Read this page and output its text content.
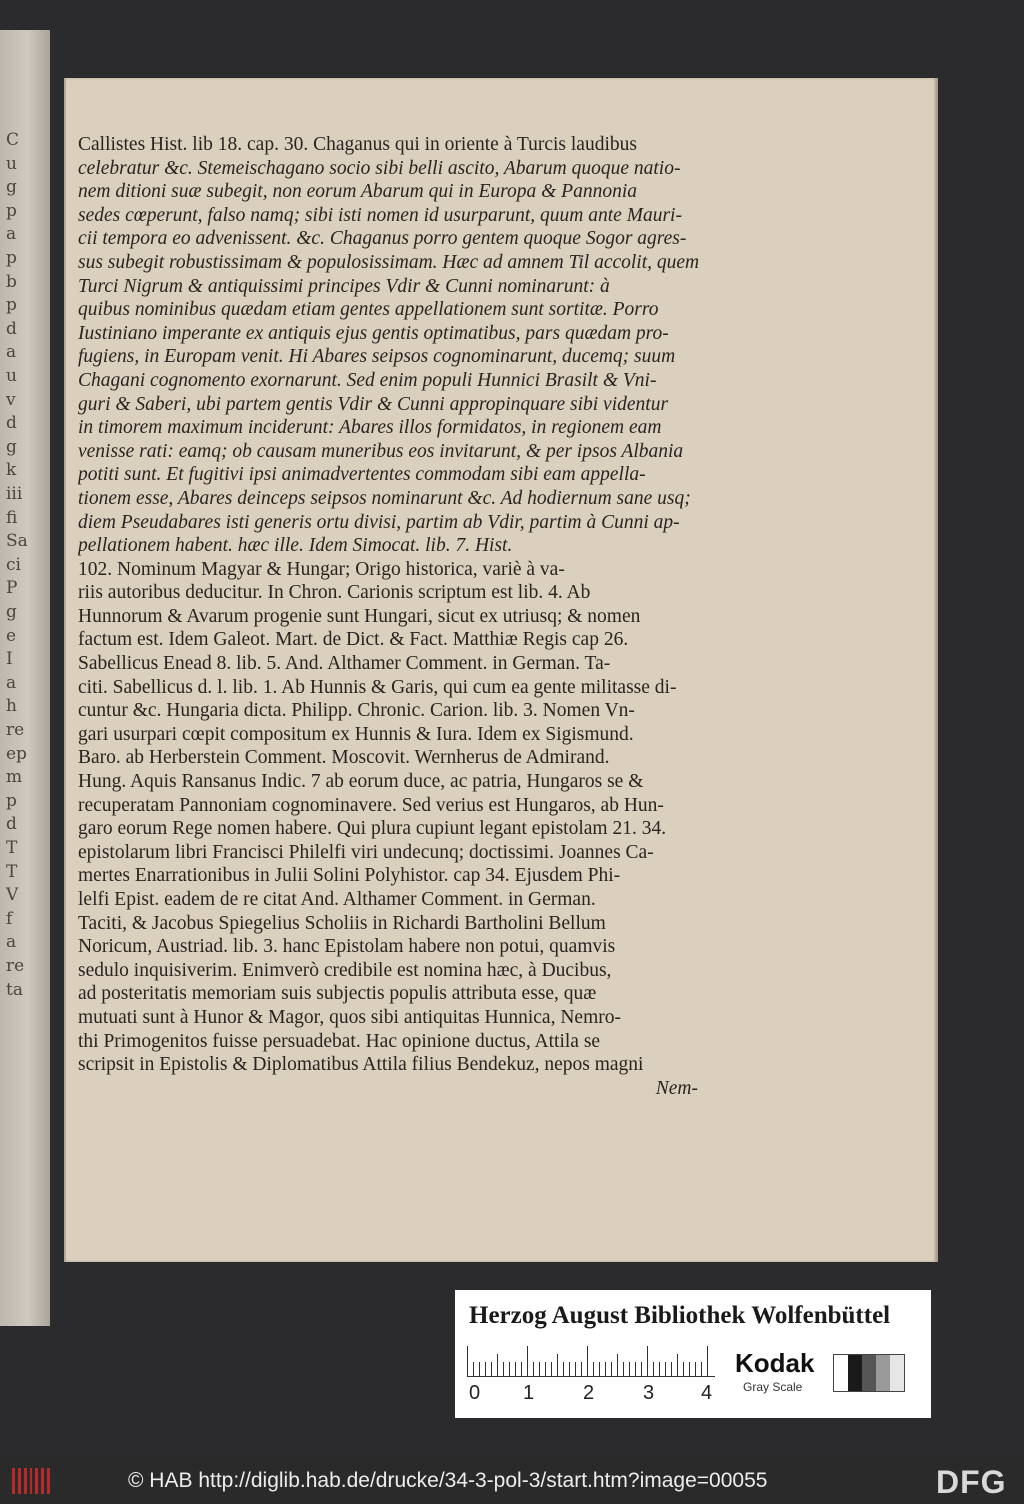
C
u
g
p
a
p
b
p
d
a
u
v
d
g
k
iii
fi
Sa
ci
P
g
e
I
a
h
re
ep
m
p
d
T
T
V
f
a
re
ta
Callistes Hist. lib 18. cap. 30. Chaganus qui in oriente à Turcis laudibus
celebratur &c. Stemeischagano socio sibi belli ascito, Abarum quoque natio-
nem ditioni suæ subegit, non eorum Abarum qui in Europa & Pannonia
sedes cœperunt, falso namq; sibi isti nomen id usurparunt, quum ante Mauri-
cii tempora eo advenissent. &c. Chaganus porro gentem quoque Sogor agres-
sus subegit robustissimam & populosissimam. Hæc ad amnem Til accolit, quem
Turci Nigrum & antiquissimi principes Vdir & Cunni nominarunt: à
quibus nominibus quædam etiam gentes appellationem sunt sortitæ. Porro
Iustiniano imperante ex antiquis ejus gentis optimatibus, pars quædam pro-
fugiens, in Europam venit. Hi Abares seipsos cognominarunt, ducemq; suum
Chagani cognomento exornarunt. Sed enim populi Hunnici Brasilt & Vni-
guri & Saberi, ubi partem gentis Vdir & Cunni appropinquare sibi videntur
in timorem maximum inciderunt: Abares illos formidatos, in regionem eam
venisse rati: eamq; ob causam muneribus eos invitarunt, & per ipsos Albania
potiti sunt. Et fugitivi ipsi animadvertentes commodam sibi eam appella-
tionem esse, Abares deinceps seipsos nominarunt &c. Ad hodiernum sane usq;
diem Pseudabares isti generis ortu divisi, partim ab Vdir, partim à Cunni ap-
pellationem habent. hæc ille. Idem Simocat. lib. 7. Hist.
102. Nominum Magyar & Hungar; Origo historica, variè à va-
riis autoribus deducitur. In Chron. Carionis scriptum est lib. 4. Ab
Hunnorum & Avarum progenie sunt Hungari, sicut ex utriusq; & nomen
factum est. Idem Galeot. Mart. de Dict. & Fact. Matthiæ Regis cap 26.
Sabellicus Enead 8. lib. 5. And. Althamer Comment. in German. Ta-
citi. Sabellicus d. l. lib. 1. Ab Hunnis & Garis, qui cum ea gente militasse di-
cuntur &c. Hungaria dicta. Philipp. Chronic. Carion. lib. 3. Nomen Vn-
gari usurpari cœpit compositum ex Hunnis & Iura. Idem ex Sigismund.
Baro. ab Herberstein Comment. Moscovit. Wernherus de Admirand.
Hung. Aquis Ransanus Indic. 7 ab eorum duce, ac patria, Hungaros se &
recuperatam Pannoniam cognominavere. Sed verius est Hungaros, ab Hun-
garo eorum Rege nomen habere. Qui plura cupiunt legant epistolam 21. 34.
epistolarum libri Francisci Philelfi viri undecunq; doctissimi. Joannes Ca-
mertes Enarrationibus in Julii Solini Polyhistor. cap 34. Ejusdem Phi-
lelfi Epist. eadem de re citat And. Althamer Comment. in German.
Taciti, & Jacobus Spiegelius Scholiis in Richardi Bartholini Bellum
Noricum, Austriad. lib. 3. hanc Epistolam habere non potui, quamvis
sedulo inquisiverim. Enimverò credibile est nomina hæc, à Ducibus,
ad posteritatis memoriam suis subjectis populis attributa esse, quæ
mutuati sunt à Hunor & Magor, quos sibi antiquitas Hunnica, Nemro-
thi Primogenitos fuisse persuadebat. Hac opinione ductus, Attila se
scripsit in Epistolis & Diplomatibus Attila filius Bendekuz, nepos magni
Nem-
Herzog August Bibliothek Wolfenbüttel
0 1 2 3 4
Kodak
Gray Scale
© HAB http://diglib.hab.de/drucke/34-3-pol-3/start.htm?image=00055	DFG
